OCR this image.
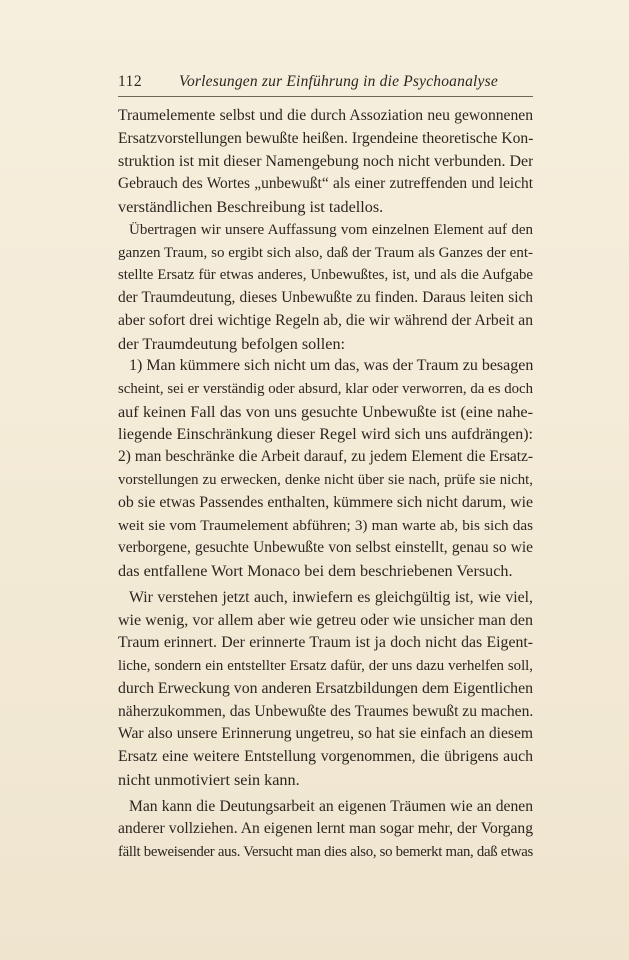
112 Vorlesungen zur Einführung in die Psychoanalyse
Traumelemente selbst und die durch Assoziation neu gewonnenen
Ersatzvorstellungen bewußte heißen. Irgendeine theoretische Kon-
struktion ist mit dieser Namengebung noch nicht verbunden. Der
Gebrauch des Wortes „unbewußt“ als einer zutreffenden und leicht
verständlichen Beschreibung ist tadellos.
Übertragen wir unsere Auffassung vom einzelnen Element auf den
ganzen Traum, so ergibt sich also, daß der Traum als Ganzes der ent-
stellte Ersatz für etwas anderes, Unbewußtes, ist, und als die Aufgabe
der Traumdeutung, dieses Unbewußte zu finden. Daraus leiten sich
aber sofort drei wichtige Regeln ab, die wir während der Arbeit an
der Traumdeutung befolgen sollen:
1) Man kümmere sich nicht um das, was der Traum zu besagen
scheint, sei er verständig oder absurd, klar oder verworren, da es doch
auf keinen Fall das von uns gesuchte Unbewußte ist (eine nahe-
liegende Einschränkung dieser Regel wird sich uns aufdrängen):
2) man beschränke die Arbeit darauf, zu jedem Element die Ersatz-
vorstellungen zu erwecken, denke nicht über sie nach, prüfe sie nicht,
ob sie etwas Passendes enthalten, kümmere sich nicht darum, wie
weit sie vom Traumelement abführen; 3) man warte ab, bis sich das
verborgene, gesuchte Unbewußte von selbst einstellt, genau so wie
das entfallene Wort Monaco bei dem beschriebenen Versuch.
Wir verstehen jetzt auch, inwiefern es gleichgültig ist, wie viel,
wie wenig, vor allem aber wie getreu oder wie unsicher man den
Traum erinnert. Der erinnerte Traum ist ja doch nicht das Eigent-
liche, sondern ein entstellter Ersatz dafür, der uns dazu verhelfen soll,
durch Erweckung von anderen Ersatzbildungen dem Eigentlichen
näherzukommen, das Unbewußte des Traumes bewußt zu machen.
War also unsere Erinnerung ungetreu, so hat sie einfach an diesem
Ersatz eine weitere Entstellung vorgenommen, die übrigens auch
nicht unmotiviert sein kann.
Man kann die Deutungsarbeit an eigenen Träumen wie an denen
anderer vollziehen. An eigenen lernt man sogar mehr, der Vorgang
fällt beweisender aus. Versucht man dies also, so bemerkt man, daß etwas
